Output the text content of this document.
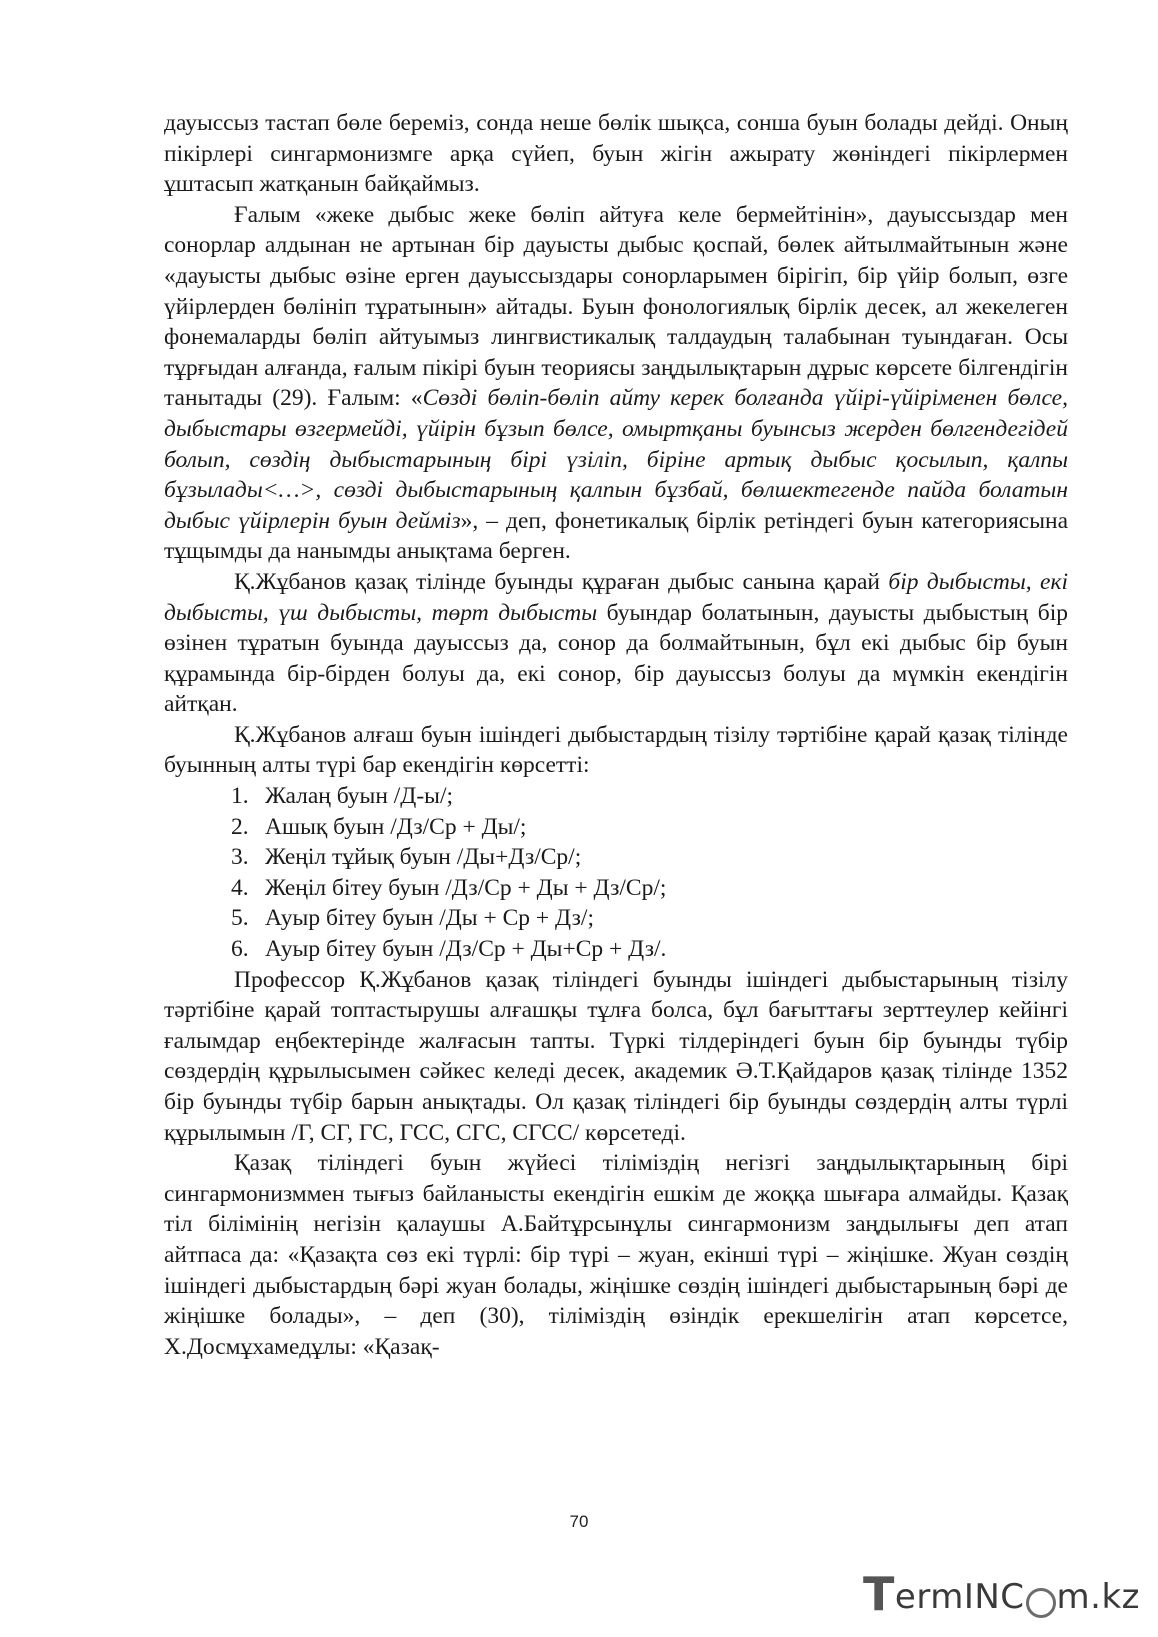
дауыссыз тастап бөле береміз, сонда неше бөлік шықса, сонша буын болады дейді. Оның пікірлері сингармонизмге арқа сүйеп, буын жігін ажырату жөніндегі пікірлермен ұштасып жатқанын байқаймыз.

Ғалым «жеке дыбыс жеке бөліп айтуға келе бермейтінін», дауыссыздар мен сонорлар алдынан не артынан бір дауысты дыбыс қоспай, бөлек айтылмайтынын және «дауысты дыбыс өзіне ерген дауыссыздары сонорларымен бірігіп, бір үйір болып, өзге үйірлерден бөлініп тұратынын» айтады. Буын фонологиялық бірлік десек, ал жекелеген фонемаларды бөліп айтуымыз лингвистикалық талдаудың талабынан туындаған. Осы тұрғыдан алғанда, ғалым пікірі буын теориясы заңдылықтарын дұрыс көрсете білгендігін танытады (29). Ғалым: «Сөзді бөліп-бөліп айту керек болғанда үйірі-үйіріменен бөлсе, дыбыстары өзгермейді, үйірін бұзып бөлсе, омыртқаны буынсыз жерден бөлгендегідей болып, сөздің дыбыстарының бірі үзіліп, біріне артық дыбыс қосылып, қалпы бұзылады<…>, сөзді дыбыстарының қалпын бұзбай, бөлшектегенде пайда болатын дыбыс үйірлерін буын дейміз», – деп, фонетикалық бірлік ретіндегі буын категориясына тұщымды да нанымды анықтама берген.

Қ.Жұбанов қазақ тілінде буынды құраған дыбыс санына қарай бір дыбысты, екі дыбысты, үш дыбысты, төрт дыбысты буындар болатынын, дауысты дыбыстың бір өзінен тұратын буында дауыссыз да, сонор да болмайтынын, бұл екі дыбыс бір буын құрамында бір-бірден болуы да, екі сонор, бір дауыссыз болуы да мүмкін екендігін айтқан.

Қ.Жұбанов алғаш буын ішіндегі дыбыстардың тізілу тәртібіне қарай қазақ тілінде буынның алты түрі бар екендігін көрсетті:

1. Жалаң буын /Д-ы/;
2. Ашық буын /Дз/Ср + Ды/;
3. Жеңіл тұйық буын /Ды+Дз/Ср/;
4. Жеңіл бітеу буын /Дз/Ср + Ды + Дз/Ср/;
5. Ауыр бітеу буын /Ды + Ср + Дз/;
6. Ауыр бітеу буын /Дз/Ср + Ды+Ср + Дз/.

Профессор Қ.Жұбанов қазақ тіліндегі буынды ішіндегі дыбыстарының тізілу тәртібіне қарай топтастырушы алғашқы тұлға болса, бұл бағыттағы зерттеулер кейінгі ғалымдар еңбектерінде жалғасын тапты. Түркі тілдеріндегі буын бір буынды түбір сөздердің құрылысымен сәйкес келеді десек, академик Ә.Т.Қайдаров қазақ тілінде 1352 бір буынды түбір барын анықтады. Ол қазақ тіліндегі бір буынды сөздердің алты түрлі құрылымын /Г, СГ, ГС, ГСС, СГС, СГСС/ көрсетеді.

Қазақ тіліндегі буын жүйесі тіліміздің негізгі заңдылықтарының бірі сингармонизммен тығыз байланысты екендігін ешкім де жоққа шығара алмайды. Қазақ тіл білімінің негізін қалаушы А.Байтұрсынұлы сингармонизм заңдылығы деп атап айтпаса да: «Қазақта сөз екі түрлі: бір түрі – жуан, екінші түрі – жіңішке. Жуан сөздің ішіндегі дыбыстардың бәрі жуан болады, жіңішке сөздің ішіндегі дыбыстарының бәрі де жіңішке болады», – деп (30), тіліміздің өзіндік ерекшелігін атап көрсетсе, Х.Досмұхамедұлы: «Қазақ-

70
T ermINC m.kz
